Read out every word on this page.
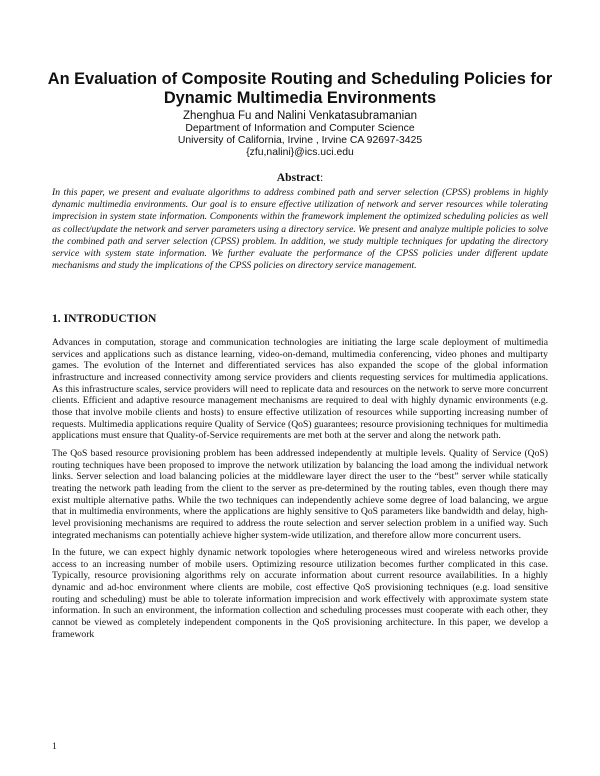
An Evaluation of Composite Routing and Scheduling Policies for
Dynamic Multimedia Environments
Zhenghua Fu and Nalini Venkatasubramanian
Department of Information and Computer Science
University of California, Irvine , Irvine CA 92697-3425
{zfu,nalini}@ics.uci.edu
Abstract:
In this paper, we present and evaluate algorithms to address combined path and server selection (CPSS) problems in highly dynamic multimedia environments. Our goal is to ensure effective utilization of network and server resources while tolerating imprecision in system state information. Components within the framework implement the optimized scheduling policies as well as collect/update the network and server parameters using a directory service. We present and analyze multiple policies to solve the combined path and server selection (CPSS) problem. In addition, we study multiple techniques for updating the directory service with system state information. We further evaluate the performance of the CPSS policies under different update mechanisms and study the implications of the CPSS policies on directory service management.
1. INTRODUCTION

Advances in computation, storage and communication technologies are initiating the large scale deployment of multimedia services and applications such as distance learning, video-on-demand, multimedia conferencing, video phones and multiparty games. The evolution of the Internet and differentiated services has also expanded the scope of the global information infrastructure and increased connectivity among service providers and clients requesting services for multimedia applications. As this infrastructure scales, service providers will need to replicate data and resources on the network to serve more concurrent clients. Efficient and adaptive resource management mechanisms are required to deal with highly dynamic environments (e.g. those that involve mobile clients and hosts) to ensure effective utilization of resources while supporting increasing number of requests. Multimedia applications require Quality of Service (QoS) guarantees; resource provisioning techniques for multimedia applications must ensure that Quality-of-Service requirements are met both at the server and along the network path.

The QoS based resource provisioning problem has been addressed independently at multiple levels. Quality of Service (QoS) routing techniques have been proposed to improve the network utilization by balancing the load among the individual network links. Server selection and load balancing policies at the middleware layer direct the user to the “best” server while statically treating the network path leading from the client to the server as pre-determined by the routing tables, even though there may exist multiple alternative paths. While the two techniques can independently achieve some degree of load balancing, we argue that in multimedia environments, where the applications are highly sensitive to QoS parameters like bandwidth and delay, high-level provisioning mechanisms are required to address the route selection and server selection problem in a unified way. Such integrated mechanisms can potentially achieve higher system-wide utilization, and therefore allow more concurrent users.

In the future, we can expect highly dynamic network topologies where heterogeneous wired and wireless networks provide access to an increasing number of mobile users. Optimizing resource utilization becomes further complicated in this case. Typically, resource provisioning algorithms rely on accurate information about current resource availabilities. In a highly dynamic and ad-hoc environment where clients are mobile, cost effective QoS provisioning techniques (e.g. load sensitive routing and scheduling) must be able to tolerate information imprecision and work effectively with approximate system state information. In such an environment, the information collection and scheduling processes must cooperate with each other, they cannot be viewed as completely independent components in the QoS provisioning architecture. In this paper, we develop a framework

1
